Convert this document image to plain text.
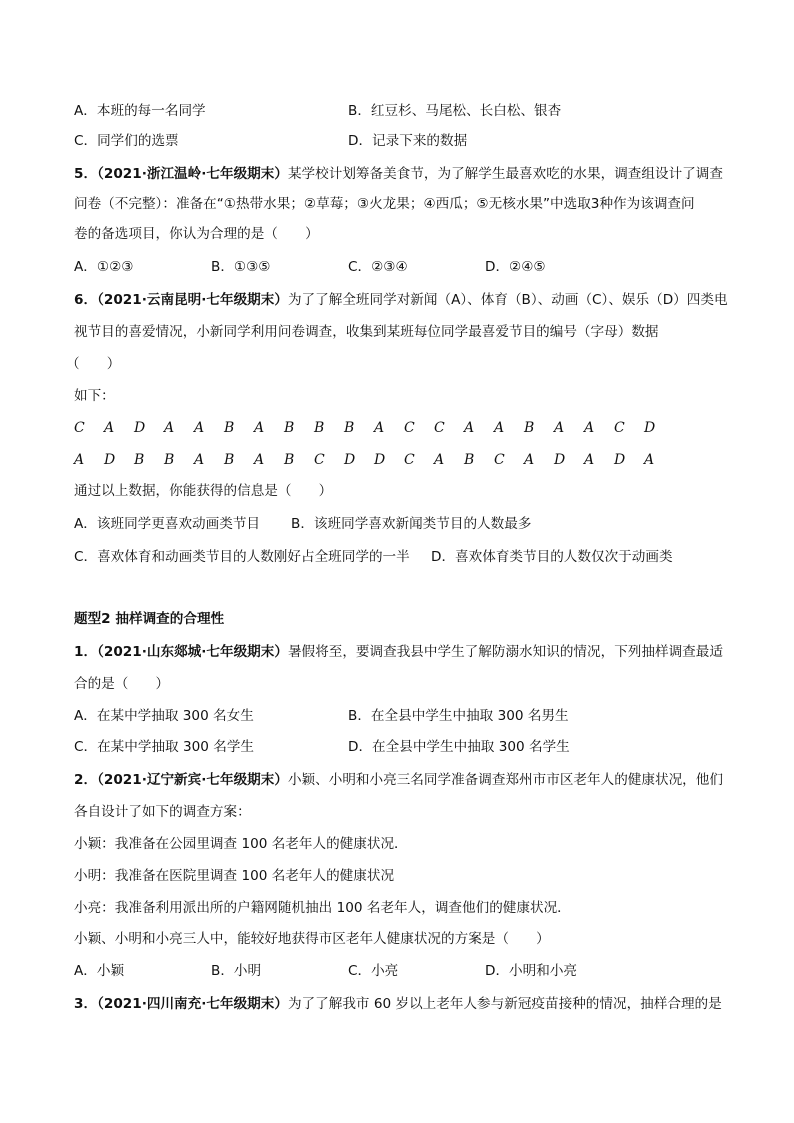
A．本班的每一名同学	B．红豆杉、马尾松、长白松、银杏
C．同学们的选票	D．记录下来的数据
5．（2021·浙江温岭·七年级期末）某学校计划筹备美食节，为了解学生最喜欢吃的水果，调查组设计了调查
问卷（不完整）：准备在“①热带水果；②草莓；③火龙果；④西瓜；⑤无核水果”中选取3种作为该调查问
卷的备选项目，你认为合理的是（　　）
A．①②③	B．①③⑤	C．②③④	D．②④⑤
6．（2021·云南昆明·七年级期末）为了了解全班同学对新闻（A）、体育（B）、动画（C）、娱乐（D）四类电
视节目的喜爱情况，小新同学利用问卷调查，收集到某班每位同学最喜爱节目的编号（字母）数据
（　　）
如下：
C A D A A B A B B B A C C A A B A A C D
A D B B A B A B C D D C A B C A D A D A
通过以上数据，你能获得的信息是（　　）
A．该班同学更喜欢动画类节目 B．该班同学喜欢新闻类节目的人数最多
C．喜欢体育和动画类节目的人数刚好占全班同学的一半 D．喜欢体育类节目的人数仅次于动画类
题型2 抽样调查的合理性
1．（2021·山东郯城·七年级期末）暑假将至，要调查我县中学生了解防溺水知识的情况，下列抽样调查最适
合的是（　　）
A．在某中学抽取 300 名女生	B．在全县中学生中抽取 300 名男生
C．在某中学抽取 300 名学生	D．在全县中学生中抽取 300 名学生
2．（2021·辽宁新宾·七年级期末）小颖、小明和小亮三名同学准备调查郑州市市区老年人的健康状况，他们
各自设计了如下的调查方案：
小颖：我准备在公园里调查 100 名老年人的健康状况．
小明：我准备在医院里调查 100 名老年人的健康状况
小亮：我准备利用派出所的户籍网随机抽出 100 名老年人，调查他们的健康状况．
小颖、小明和小亮三人中，能较好地获得市区老年人健康状况的方案是（　　）
A．小颖	B．小明	C．小亮	D．小明和小亮
3．（2021·四川南充·七年级期末）为了了解我市 60 岁以上老年人参与新冠疫苗接种的情况，抽样合理的是
